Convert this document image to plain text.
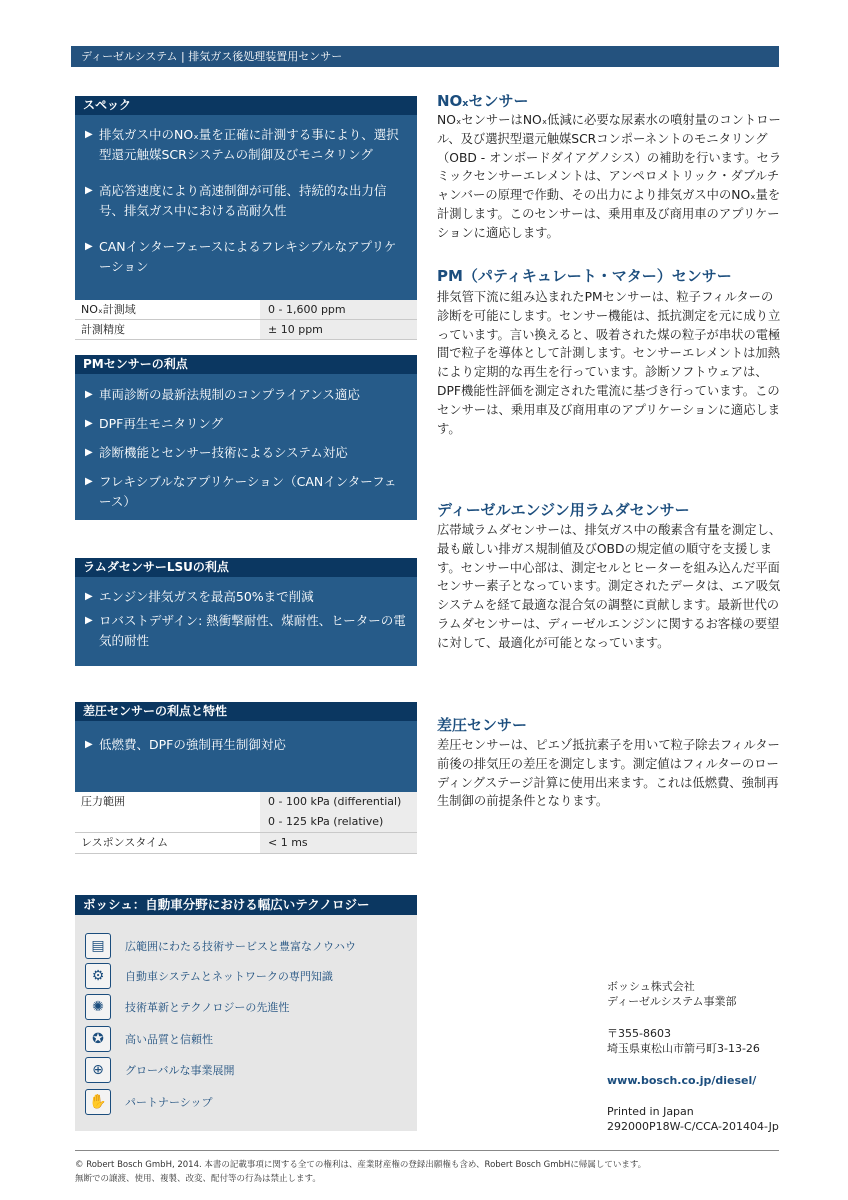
ディーゼルシステム | 排気ガス後処理装置用センサー
スペック
▶ 排気ガス中のNOₓ量を正確に計測する事により、選択型還元触媒SCRシステムの制御及びモニタリング
▶ 高応答速度により高速制御が可能、持続的な出力信号、排気ガス中における高耐久性
▶ CANインターフェースによるフレキシブルなアプリケーション
NOₓ計測域	0 - 1,600 ppm
計測精度	± 10 ppm
PMセンサーの利点
▶ 車両診断の最新法規制のコンプライアンス適応
▶ DPF再生モニタリング
▶ 診断機能とセンサー技術によるシステム対応
▶ フレキシブルなアプリケーション（CANインターフェース）
ラムダセンサーLSUの利点
▶ エンジン排気ガスを最高50%まで削減
▶ ロバストデザイン: 熱衝撃耐性、煤耐性、ヒーターの電気的耐性
差圧センサーの利点と特性
▶ 低燃費、DPFの強制再生制御対応
圧力範囲	0 - 100 kPa (differential)
0 - 125 kPa (relative)
レスポンスタイム	< 1 ms
ボッシュ：自動車分野における幅広いテクノロジー
▤	広範囲にわたる技術サービスと豊富なノウハウ
⚙	自動車システムとネットワークの専門知識
✺	技術革新とテクノロジーの先進性
✪	高い品質と信頼性
⊕	グローバルな事業展開
✋	パートナーシップ
NOₓセンサー
NOₓセンサーはNOₓ低減に必要な尿素水の噴射量のコントロール、及び選択型還元触媒SCRコンポーネントのモニタリング（OBD - オンボードダイアグノシス）の補助を行います。セラミックセンサーエレメントは、アンペロメトリック・ダブルチャンバーの原理で作動、その出力により排気ガス中のNOₓ量を計測します。このセンサーは、乗用車及び商用車のアプリケーションに適応します。
PM（パティキュレート・マター）センサー
排気管下流に組み込まれたPMセンサーは、粒子フィルターの診断を可能にします。センサー機能は、抵抗測定を元に成り立っています。言い換えると、吸着された煤の粒子が串状の電極間で粒子を導体として計測します。センサーエレメントは加熱により定期的な再生を行っています。診断ソフトウェアは、DPF機能性評価を測定された電流に基づき行っています。このセンサーは、乗用車及び商用車のアプリケーションに適応します。
ディーゼルエンジン用ラムダセンサー
広帯域ラムダセンサーは、排気ガス中の酸素含有量を測定し、最も厳しい排ガス規制値及びOBDの規定値の順守を支援します。センサー中心部は、測定セルとヒーターを組み込んだ平面センサー素子となっています。測定されたデータは、エア吸気システムを経て最適な混合気の調整に貢献します。最新世代のラムダセンサーは、ディーゼルエンジンに関するお客様の要望に対して、最適化が可能となっています。
差圧センサー
差圧センサーは、ピエゾ抵抗素子を用いて粒子除去フィルター前後の排気圧の差圧を測定します。測定値はフィルターのローディングステージ計算に使用出来ます。これは低燃費、強制再生制御の前提条件となります。
ボッシュ株式会社
ディーゼルシステム事業部
〒355-8603
埼玉県東松山市箭弓町3-13-26
www.bosch.co.jp/diesel/
Printed in Japan
292000P18W-C/CCA-201404-Jp
© Robert Bosch GmbH, 2014. 本書の記載事項に関する全ての権利は、産業財産権の登録出願権も含め、Robert Bosch GmbHに帰属しています。
無断での譲渡、使用、複製、改変、配付等の行為は禁止します。
